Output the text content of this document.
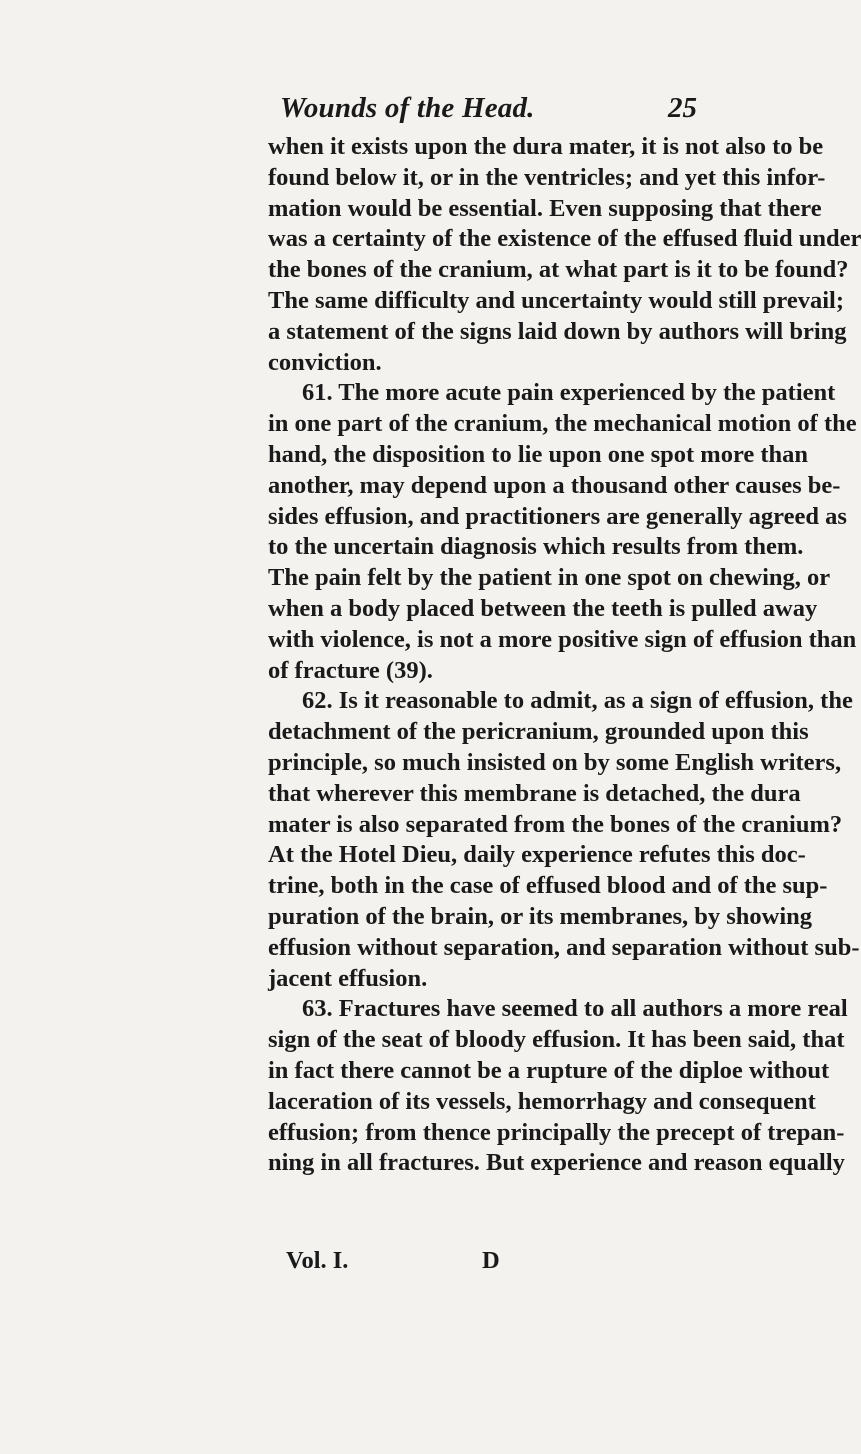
Wounds of the Head.	25
when it exists upon the dura mater, it is not also to be
found below it, or in the ventricles; and yet this infor-
mation would be essential. Even supposing that there
was a certainty of the existence of the effused fluid under
the bones of the cranium, at what part is it to be found?
The same difficulty and uncertainty would still prevail;
a statement of the signs laid down by authors will bring
conviction.
61. The more acute pain experienced by the patient
in one part of the cranium, the mechanical motion of the
hand, the disposition to lie upon one spot more than
another, may depend upon a thousand other causes be-
sides effusion, and practitioners are generally agreed as
to the uncertain diagnosis which results from them.
The pain felt by the patient in one spot on chewing, or
when a body placed between the teeth is pulled away
with violence, is not a more positive sign of effusion than
of fracture (39).
62. Is it reasonable to admit, as a sign of effusion, the
detachment of the pericranium, grounded upon this
principle, so much insisted on by some English writers,
that wherever this membrane is detached, the dura
mater is also separated from the bones of the cranium?
At the Hotel Dieu, daily experience refutes this doc-
trine, both in the case of effused blood and of the sup-
puration of the brain, or its membranes, by showing
effusion without separation, and separation without sub-
jacent effusion.
63. Fractures have seemed to all authors a more real
sign of the seat of bloody effusion. It has been said, that
in fact there cannot be a rupture of the diploe without
laceration of its vessels, hemorrhagy and consequent
effusion; from thence principally the precept of trepan-
ning in all fractures. But experience and reason equally
Vol. I.	D
